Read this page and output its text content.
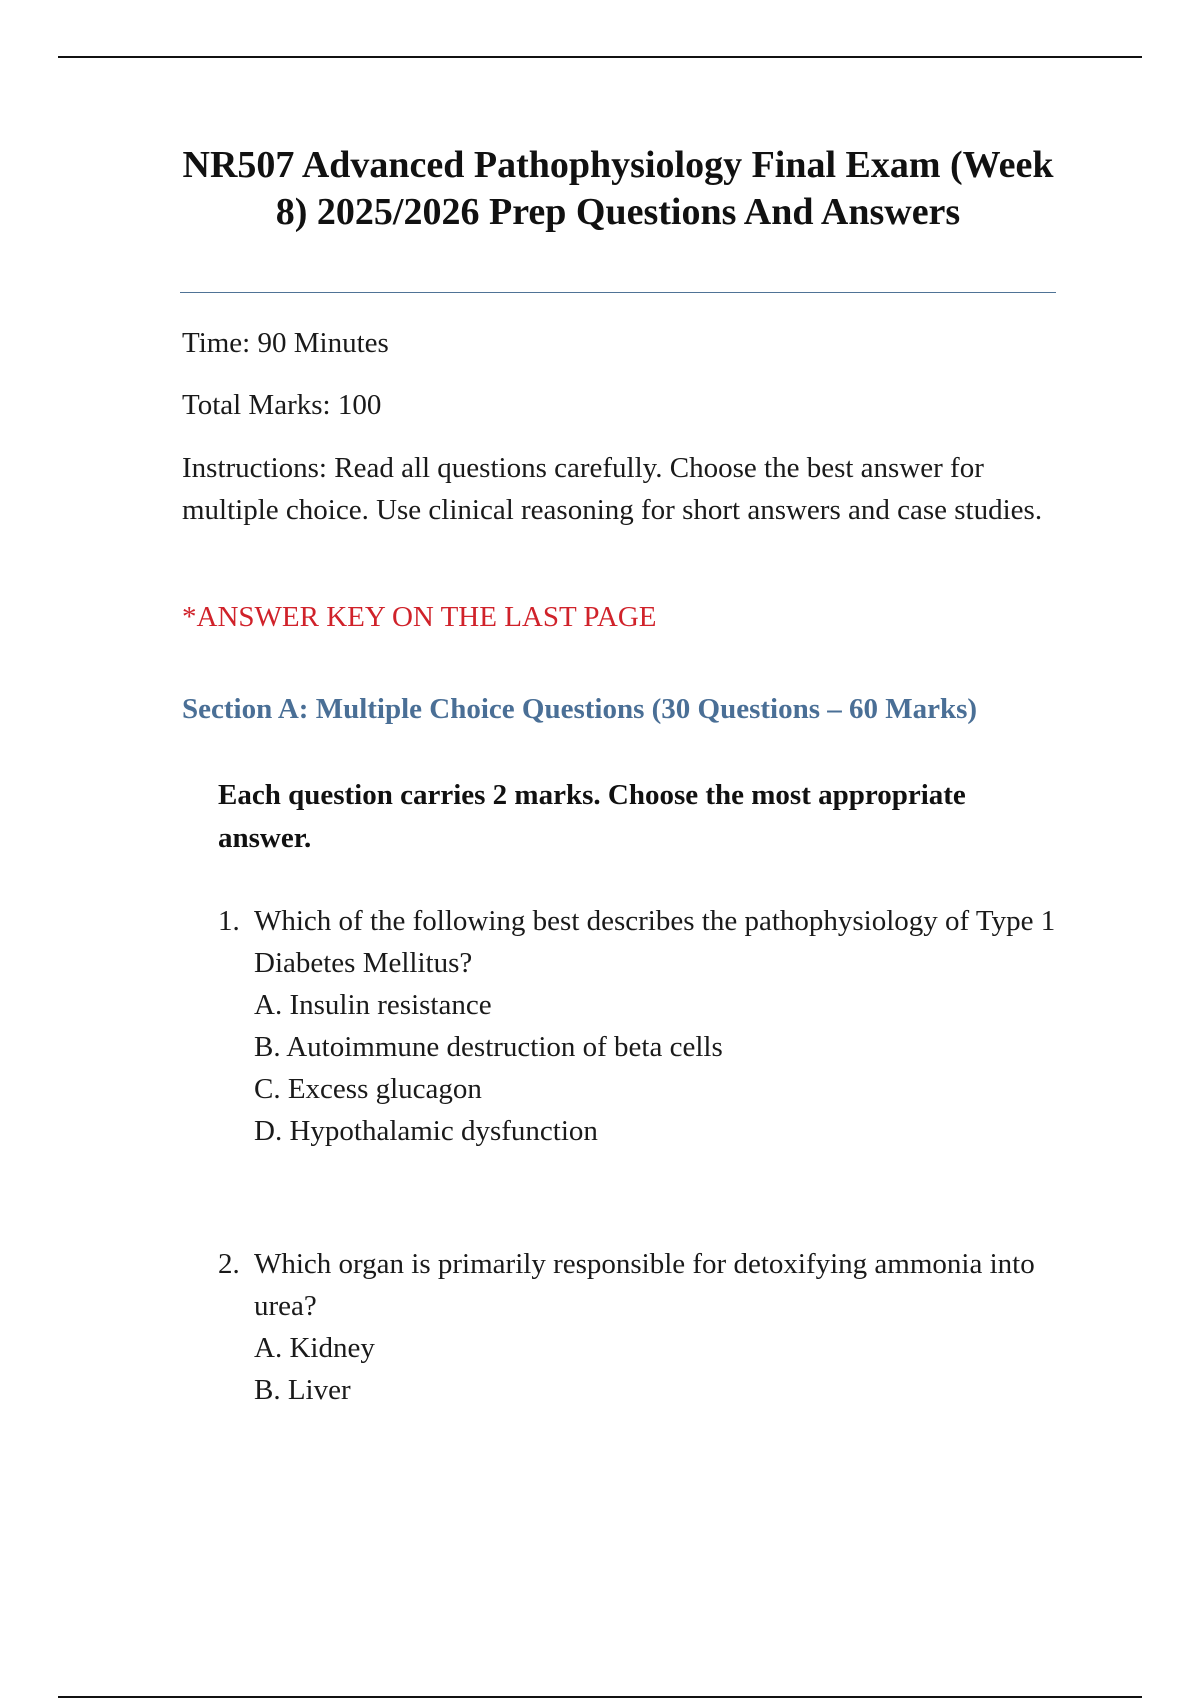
NR507 Advanced Pathophysiology Final Exam (Week 8) 2025/2026 Prep Questions And Answers

Time: 90 Minutes

Total Marks: 100

Instructions: Read all questions carefully. Choose the best answer for multiple choice. Use clinical reasoning for short answers and case studies.

*ANSWER KEY ON THE LAST PAGE

Section A: Multiple Choice Questions (30 Questions – 60 Marks)

Each question carries 2 marks. Choose the most appropriate answer.

1. Which of the following best describes the pathophysiology of Type 1 Diabetes Mellitus?
A. Insulin resistance
B. Autoimmune destruction of beta cells
C. Excess glucagon
D. Hypothalamic dysfunction
2. Which organ is primarily responsible for detoxifying ammonia into urea?
A. Kidney
B. Liver
